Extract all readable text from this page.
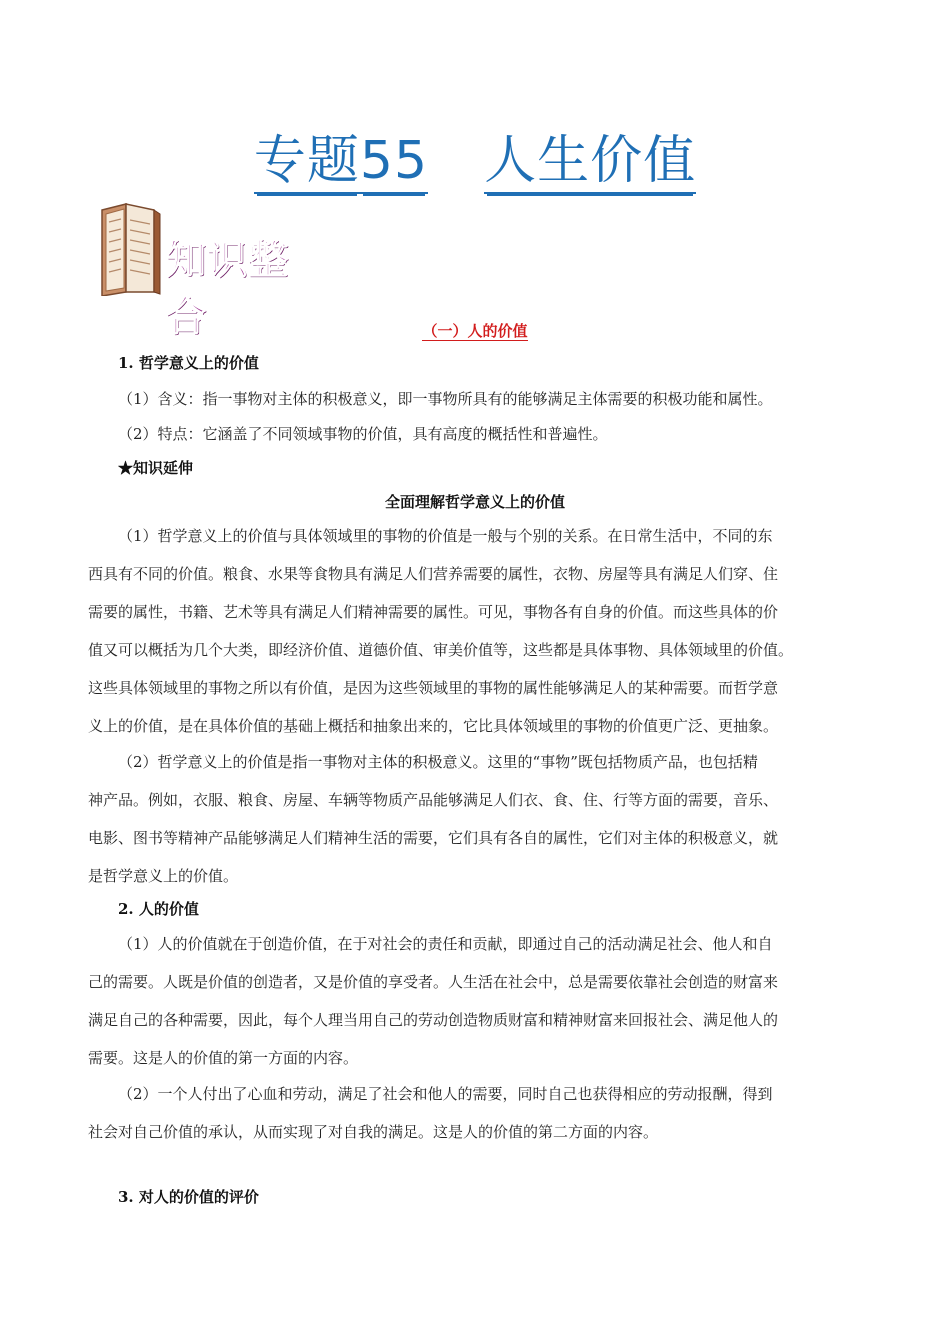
专题55 人生价值
知识整合	（一）人的价值
1. 哲学意义上的价值
（1）含义：指一事物对主体的积极意义，即一事物所具有的能够满足主体需要的积极功能和属性。
（2）特点：它涵盖了不同领域事物的价值，具有高度的概括性和普遍性。
★知识延伸
全面理解哲学意义上的价值
（1）哲学意义上的价值与具体领域里的事物的价值是一般与个别的关系。在日常生活中，不同的东
西具有不同的价值。粮食、水果等食物具有满足人们营养需要的属性，衣物、房屋等具有满足人们穿、住
需要的属性，书籍、艺术等具有满足人们精神需要的属性。可见，事物各有自身的价值。而这些具体的价
值又可以概括为几个大类，即经济价值、道德价值、审美价值等，这些都是具体事物、具体领域里的价值。
这些具体领域里的事物之所以有价值，是因为这些领域里的事物的属性能够满足人的某种需要。而哲学意
义上的价值，是在具体价值的基础上概括和抽象出来的，它比具体领域里的事物的价值更广泛、更抽象。
（2）哲学意义上的价值是指一事物对主体的积极意义。这里的“事物”既包括物质产品，也包括精
神产品。例如，衣服、粮食、房屋、车辆等物质产品能够满足人们衣、食、住、行等方面的需要，音乐、
电影、图书等精神产品能够满足人们精神生活的需要，它们具有各自的属性，它们对主体的积极意义，就
是哲学意义上的价值。
2. 人的价值
（1）人的价值就在于创造价值，在于对社会的责任和贡献，即通过自己的活动满足社会、他人和自
己的需要。人既是价值的创造者，又是价值的享受者。人生活在社会中，总是需要依靠社会创造的财富来
满足自己的各种需要，因此，每个人理当用自己的劳动创造物质财富和精神财富来回报社会、满足他人的
需要。这是人的价值的第一方面的内容。
（2）一个人付出了心血和劳动，满足了社会和他人的需要，同时自己也获得相应的劳动报酬，得到
社会对自己价值的承认，从而实现了对自我的满足。这是人的价值的第二方面的内容。
3. 对人的价值的评价
